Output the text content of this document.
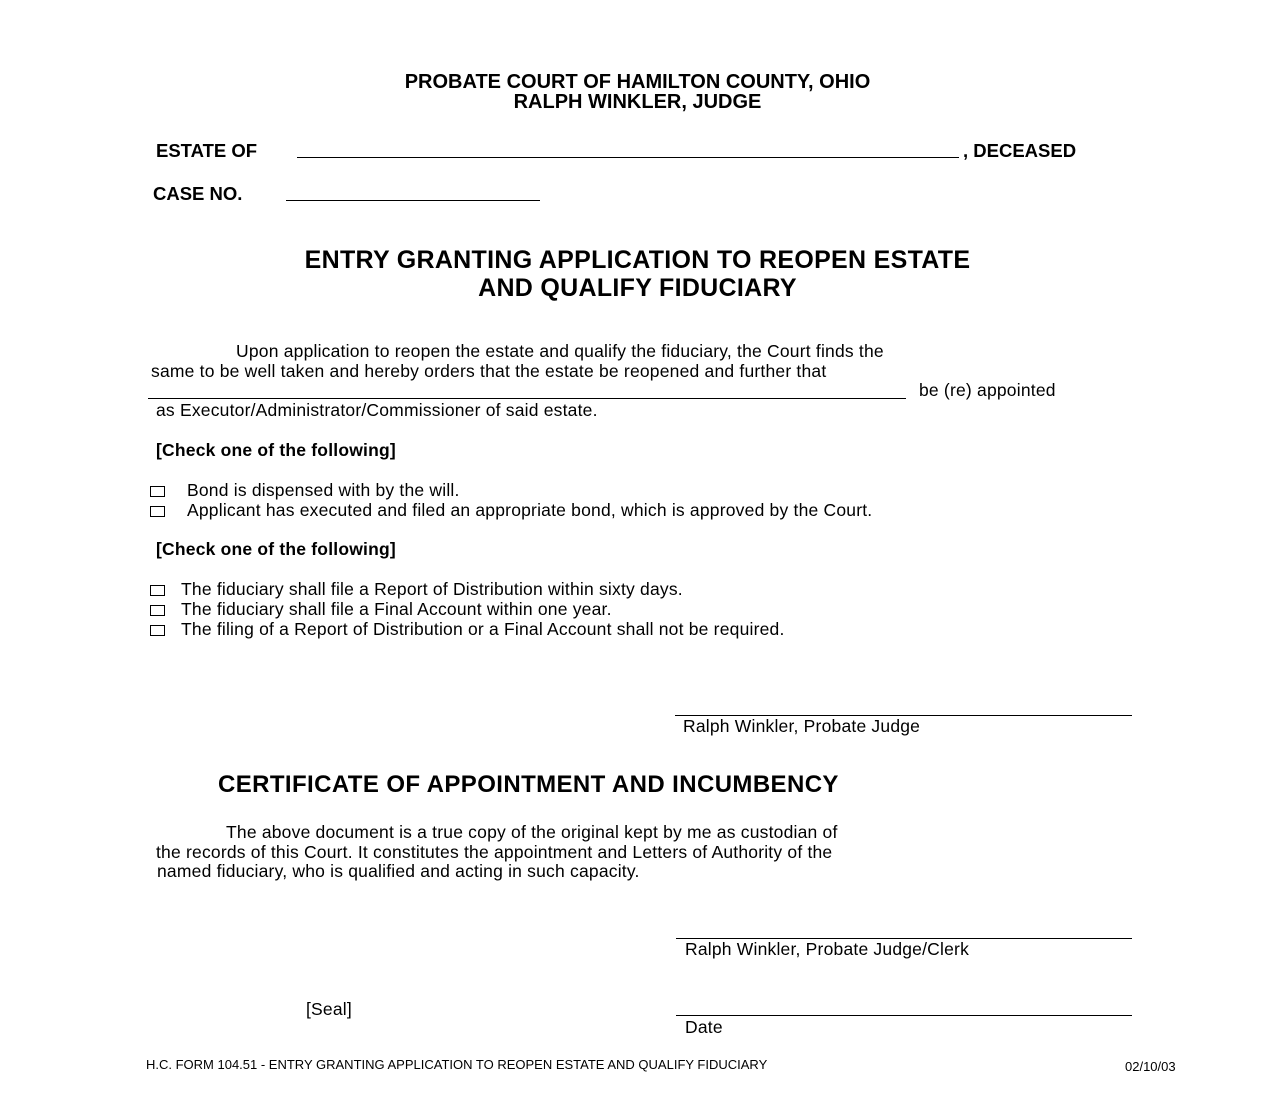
PROBATE COURT OF HAMILTON COUNTY, OHIO
RALPH WINKLER, JUDGE
ESTATE OF	, DECEASED
CASE NO.
ENTRY GRANTING APPLICATION TO REOPEN ESTATE
AND QUALIFY FIDUCIARY
Upon application to reopen the estate and qualify the fiduciary, the Court finds the
same to be well taken and hereby orders that the estate be reopened and further that
be (re) appointed
as Executor/Administrator/Commissioner of said estate.
[Check one of the following]
Bond is dispensed with by the will.
Applicant has executed and filed an appropriate bond, which is approved by the Court.
[Check one of the following]
The fiduciary shall file a Report of Distribution within sixty days.
The fiduciary shall file a Final Account within one year.
The filing of a Report of Distribution or a Final Account shall not be required.
Ralph Winkler, Probate Judge
CERTIFICATE OF APPOINTMENT AND INCUMBENCY
The above document is a true copy of the original kept by me as custodian of
the records of this Court. It constitutes the appointment and Letters of Authority of the
named fiduciary, who is qualified and acting in such capacity.
Ralph Winkler, Probate Judge/Clerk
[Seal]
Date
H.C. FORM 104.51 - ENTRY GRANTING APPLICATION TO REOPEN ESTATE AND QUALIFY FIDUCIARY	02/10/03
